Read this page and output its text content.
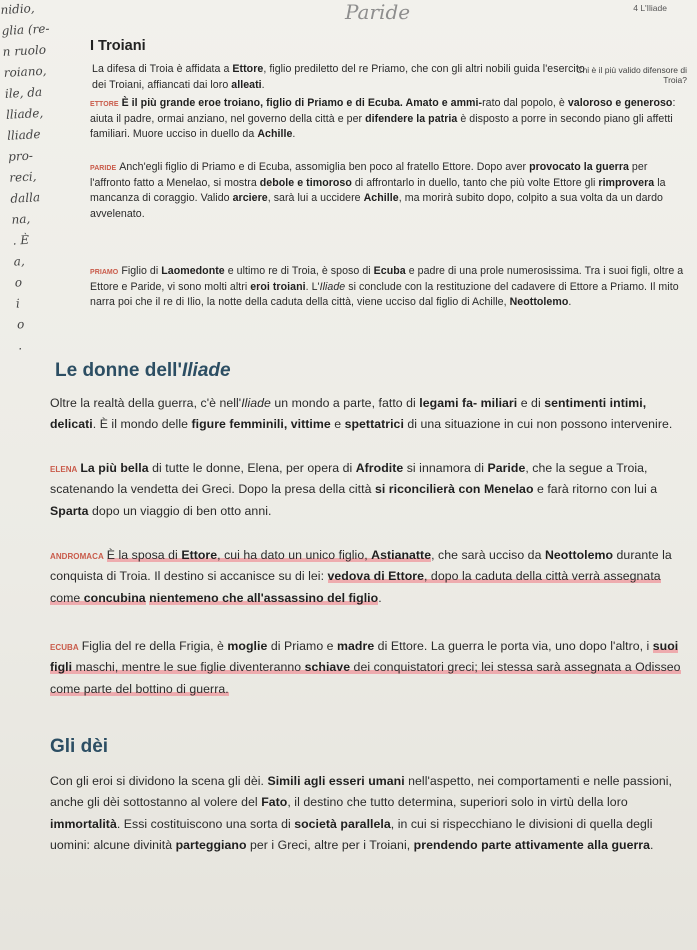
nidio,
glia (re-
n ruolo
roiano,
ile, da
lliade,
lliade
pro-
reci,
dalla
na,
. È
a,
o
i
o
.
4 L'Iliade
Paride
I Troiani
Chi è il più valido difensore di Troia?
La difesa di Troia è affidata a Ettore, figlio prediletto del re Priamo, che con gli altri nobili guida l'esercito dei Troiani, affiancati dai loro alleati.
ettore È il più grande eroe troiano, figlio di Priamo e di Ecuba. Amato e ammi-rato dal popolo, è valoroso e generoso: aiuta il padre, ormai anziano, nel governo della città e per difendere la patria è disposto a porre in secondo piano gli affetti familiari. Muore ucciso in duello da Achille.
paride Anch'egli figlio di Priamo e di Ecuba, assomiglia ben poco al fratello Ettore. Dopo aver provocato la guerra per l'affronto fatto a Menelao, si mostra debole e timoroso di affrontarlo in duello, tanto che più volte Ettore gli rimprovera la mancanza di coraggio. Valido arciere, sarà lui a uccidere Achille, ma morirà subito dopo, colpito a sua volta da un dardo avvelenato.
priamo Figlio di Laomedonte e ultimo re di Troia, è sposo di Ecuba e padre di una prole numerosissima. Tra i suoi figli, oltre a Ettore e Paride, vi sono molti altri eroi troiani. L'Iliade si conclude con la restituzione del cadavere di Ettore a Priamo. Il mito narra poi che il re di Ilio, la notte della caduta della città, viene ucciso dal figlio di Achille, Neottolemo.
Le donne dell'Iliade
Oltre la realtà della guerra, c'è nell'Iliade un mondo a parte, fatto di legami fa- miliari e di sentimenti intimi, delicati. È il mondo delle figure femminili, vittime e spettatrici di una situazione in cui non possono intervenire.
elena La più bella di tutte le donne, Elena, per opera di Afrodite si innamora di Paride, che la segue a Troia, scatenando la vendetta dei Greci. Dopo la presa della città si riconcilierà con Menelao e farà ritorno con lui a Sparta dopo un viaggio di ben otto anni.
andromaca È la sposa di Ettore, cui ha dato un unico figlio, Astianatte, che sarà ucciso da Neottolemo durante la conquista di Troia. Il destino si accanisce su di lei: vedova di Ettore, dopo la caduta della città verrà assegnata come concubina nientemeno che all'assassino del figlio.
ecuba Figlia del re della Frigia, è moglie di Priamo e madre di Ettore. La guerra le porta via, uno dopo l'altro, i suoi figli maschi, mentre le sue figlie diventeranno schiave dei conquistatori greci; lei stessa sarà assegnata a Odisseo come parte del bottino di guerra.
Gli dèi
Con gli eroi si dividono la scena gli dèi. Simili agli esseri umani nell'aspetto, nei comportamenti e nelle passioni, anche gli dèi sottostanno al volere del Fato, il destino che tutto determina, superiori solo in virtù della loro immortalità. Essi costituiscono una sorta di società parallela, in cui si rispecchiano le divisioni di quella degli uomini: alcune divinità parteggiano per i Greci, altre per i Troiani, prendendo parte attivamente alla guerra.
